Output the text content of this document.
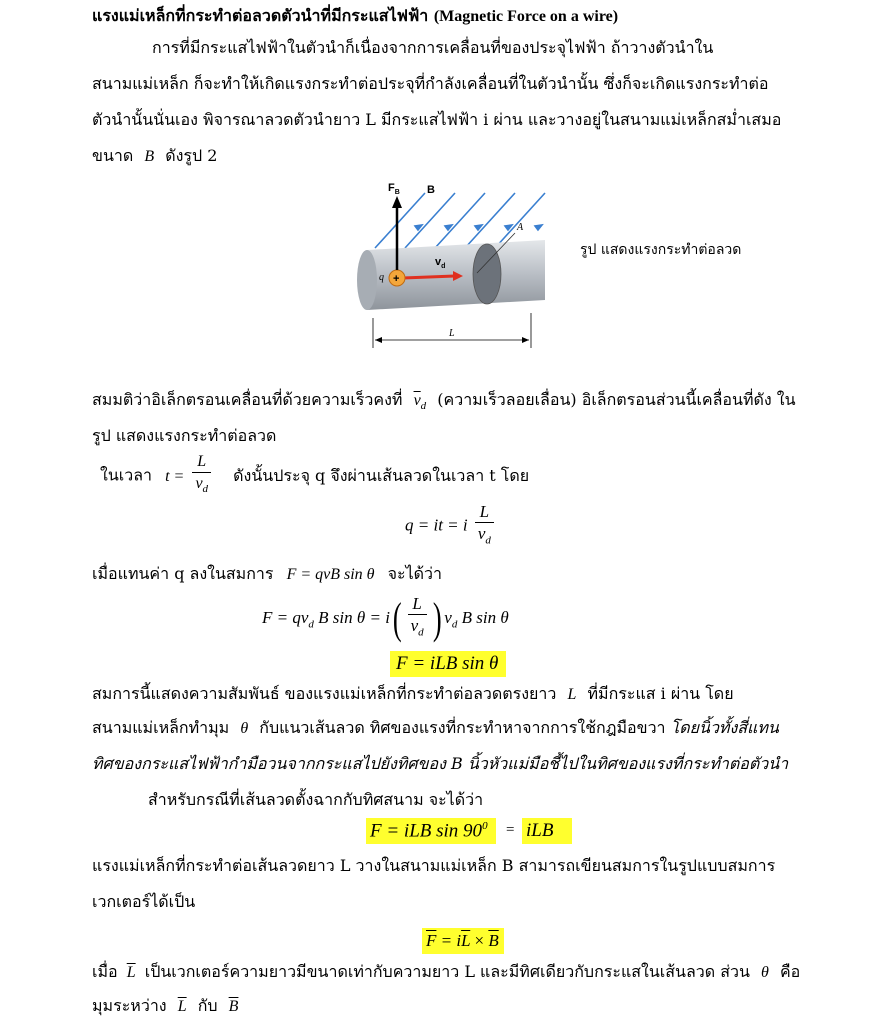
แรงแม่เหล็กที่กระทำต่อลวดตัวนำที่มีกระแสไฟฟ้า (Magnetic Force on a wire)
การที่มีกระแสไฟฟ้าในตัวนำก็เนื่องจากการเคลื่อนที่ของประจุไฟฟ้า ถ้าวางตัวนำใน
สนามแม่เหล็ก ก็จะทำให้เกิดแรงกระทำต่อประจุที่กำลังเคลื่อนที่ในตัวนำนั้น ซึ่งก็จะเกิดแรงกระทำต่อ
ตัวนำนั้นนั่นเอง พิจารณาลวดตัวนำยาว L มีกระแสไฟฟ้า i ผ่าน และวางอยู่ในสนามแม่เหล็กสม่ำเสมอ
ขนาด B ดังรูป 2
+
$F_B$ B
$v_d$
q
A
L
รูป แสดงแรงกระทำต่อลวด
สมมติว่าอิเล็กตรอนเคลื่อนที่ด้วยความเร็วคงที่ $\overline{v}_d$ (ความเร็วลอยเลื่อน) อิเล็กตรอนส่วนนี้เคลื่อนที่ดัง ใน
รูป แสดงแรงกระทำต่อลวด
ในเวลา $t = \frac{L}{v_d}$ ดังนั้นประจุ q จึงผ่านเส้นลวดในเวลา t โดย
q = it = i $\frac{L}{v_d}$
เมื่อแทนค่า q ลงในสมการ F = qvB sin θ จะได้ว่า
$F = qv_d$ B $\sin \theta = i( \frac{L}{v_d}$ ) $v_d$ B sin θ
F = iLB sin θ
สมการนี้แสดงความสัมพันธ์ ของแรงแม่เหล็กที่กระทำต่อลวดตรงยาว L ที่มีกระแส i ผ่าน โดย
สนามแม่เหล็กทำมุม θ กับแนวเส้นลวด ทิศของแรงที่กระทำหาจากการใช้กฎมือขวา โดยนิ้วทั้งสี่แทน
ทิศของกระแสไฟฟ้ากำมือวนจากกระแสไปยังทิศของ B นิ้วหัวแม่มือชี้ไปในทิศของแรงที่กระทำต่อตัวนำ
สำหรับกรณีที่เส้นลวดตั้งฉากกับทิศสนาม จะได้ว่า
F = iLB $\sin 90^0$ = iLB
แรงแม่เหล็กที่กระทำต่อเส้นลวดยาว L วางในสนามแม่เหล็ก B สามารถเขียนสมการในรูปแบบสมการ
เวกเตอร์ได้เป็น
$\overline{F} = i\overline{L} \times \overline{B}$
เมื่อ $\overline{L}$ เป็นเวกเตอร์ความยาวมีขนาดเท่ากับความยาว L และมีทิศเดียวกับกระแสในเส้นลวด ส่วน θ คือ
มุมระหว่าง $\overline{L}$ กับ $\overline{B}$
